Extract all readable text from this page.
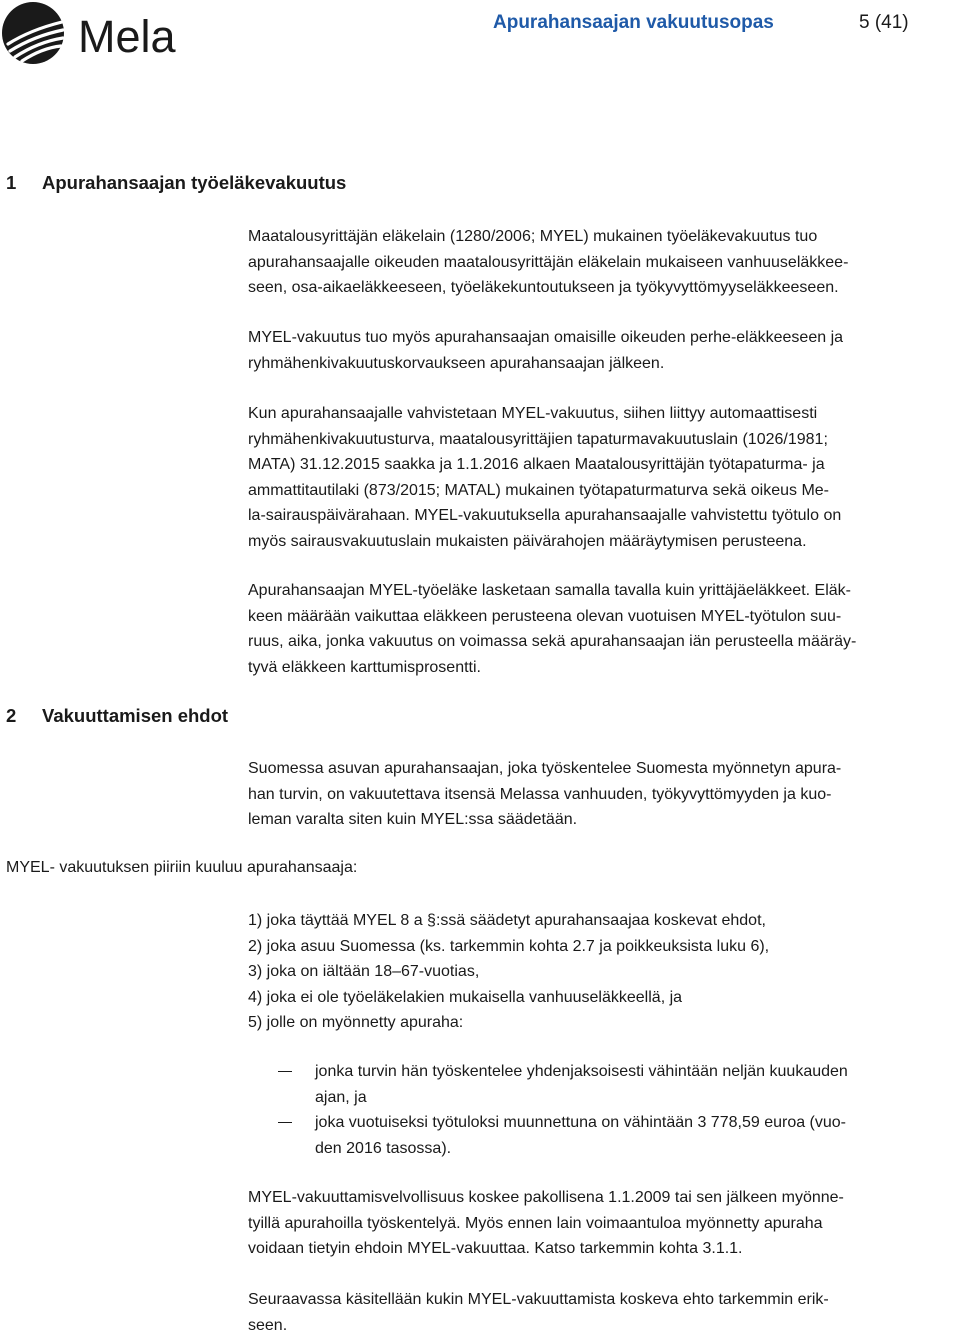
Mela	Apurahansaajan vakuutusopas	5 (41)
1 Apurahansaajan työeläkevakuutus
Maatalousyrittäjän eläkelain (1280/2006; MYEL) mukainen työeläkevakuutus tuo
apurahansaajalle oikeuden maatalousyrittäjän eläkelain mukaiseen vanhuuseläkkee-
seen, osa-aikaeläkkeeseen, työeläkekuntoutukseen ja työkyvyttömyyseläkkeeseen.
MYEL-vakuutus tuo myös apurahansaajan omaisille oikeuden perhe-eläkkeeseen ja
ryhmähenkivakuutuskorvaukseen apurahansaajan jälkeen.
Kun apurahansaajalle vahvistetaan MYEL-vakuutus, siihen liittyy automaattisesti
ryhmähenkivakuutusturva, maatalousyrittäjien tapaturmavakuutuslain (1026/1981;
MATA) 31.12.2015 saakka ja 1.1.2016 alkaen Maatalousyrittäjän työtapaturma- ja
ammattitautilaki (873/2015; MATAL) mukainen työtapaturmaturva sekä oikeus Me-
la-sairauspäivärahaan. MYEL-vakuutuksella apurahansaajalle vahvistettu työtulo on
myös sairausvakuutuslain mukaisten päivärahojen määräytymisen perusteena.
Apurahansaajan MYEL-työeläke lasketaan samalla tavalla kuin yrittäjäeläkkeet. Eläk-
keen määrään vaikuttaa eläkkeen perusteena olevan vuotuisen MYEL-työtulon suu-
ruus, aika, jonka vakuutus on voimassa sekä apurahansaajan iän perusteella määräy-
tyvä eläkkeen karttumisprosentti.
2 Vakuuttamisen ehdot
Suomessa asuvan apurahansaajan, joka työskentelee Suomesta myönnetyn apura-
han turvin, on vakuutettava itsensä Melassa vanhuuden, työkyvyttömyyden ja kuo-
leman varalta siten kuin MYEL:ssa säädetään.
MYEL- vakuutuksen piiriin kuuluu apurahansaaja:
1) joka täyttää MYEL 8 a §:ssä säädetyt apurahansaajaa koskevat ehdot,
2) joka asuu Suomessa (ks. tarkemmin kohta 2.7 ja poikkeuksista luku 6),
3) joka on iältään 18–67-vuotias,
4) joka ei ole työeläkelakien mukaisella vanhuuseläkkeellä, ja
5) jolle on myönnetty apuraha:
jonka turvin hän työskentelee yhdenjaksoisesti vähintään neljän kuukauden
ajan, ja
joka vuotuiseksi työtuloksi muunnettuna on vähintään 3 778,59 euroa (vuo-
den 2016 tasossa).
MYEL-vakuuttamisvelvollisuus koskee pakollisena 1.1.2009 tai sen jälkeen myönne-
tyillä apurahoilla työskentelyä. Myös ennen lain voimaantuloa myönnetty apuraha
voidaan tietyin ehdoin MYEL-vakuuttaa. Katso tarkemmin kohta 3.1.1.
Seuraavassa käsitellään kukin MYEL-vakuuttamista koskeva ehto tarkemmin erik-
seen.
